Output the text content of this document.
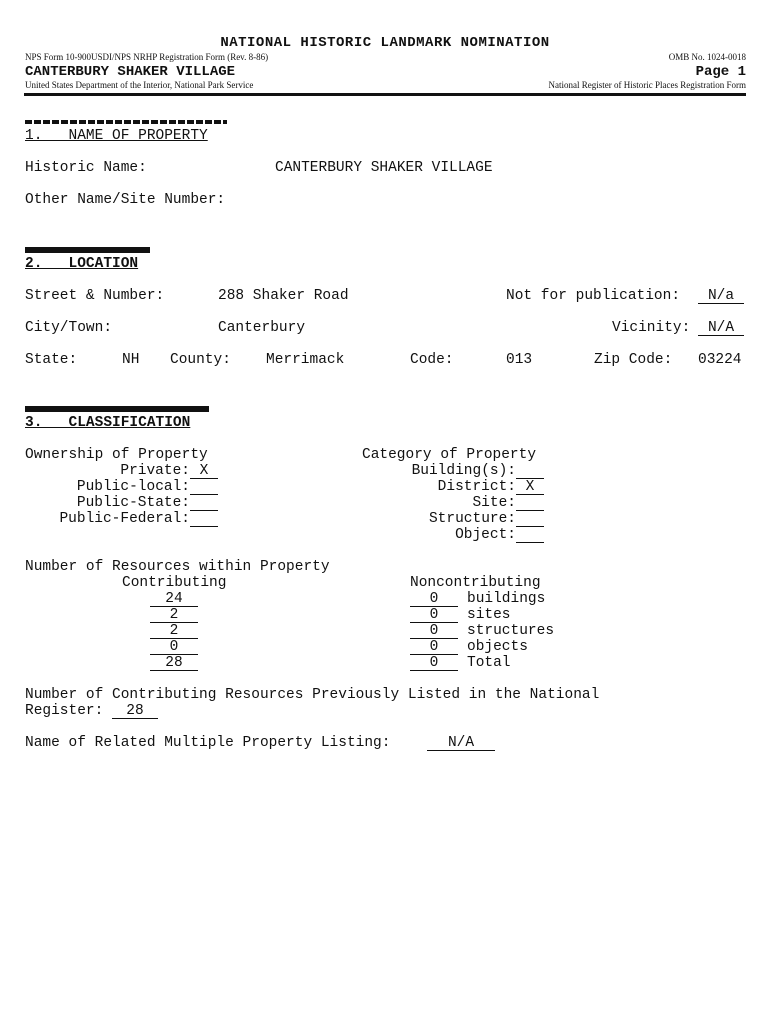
NATIONAL HISTORIC LANDMARK NOMINATION
NPS Form 10-900USDI/NPS NRHP Registration Form (Rev. 8-86)	OMB No. 1024-0018
CANTERBURY SHAKER VILLAGE	Page 1
United States Department of the Interior, National Park Service	National Register of Historic Places Registration Form
1.   NAME OF PROPERTY
Historic Name:	CANTERBURY SHAKER VILLAGE
Other Name/Site Number:
2.   LOCATION
Street & Number:	288 Shaker Road	Not for publication:	N/a
City/Town:	Canterbury	Vicinity:	N/A
State:	NH County: Merrimack	Code:	013	Zip Code: 03224
3.   CLASSIFICATION
Ownership of Property
Private: X
Public-local:
Public-State:
Public-Federal:
Category of Property
Building(s):
District: X
Site:
Structure:
Object:
Number of Resources within Property
Contributing	Noncontributing
24	0	buildings
2	0	sites
2	0	structures
0	0	objects
28	0	Total
Number of Contributing Resources Previously Listed in the National
Register:	28
Name of Related Multiple Property Listing:	N/A
